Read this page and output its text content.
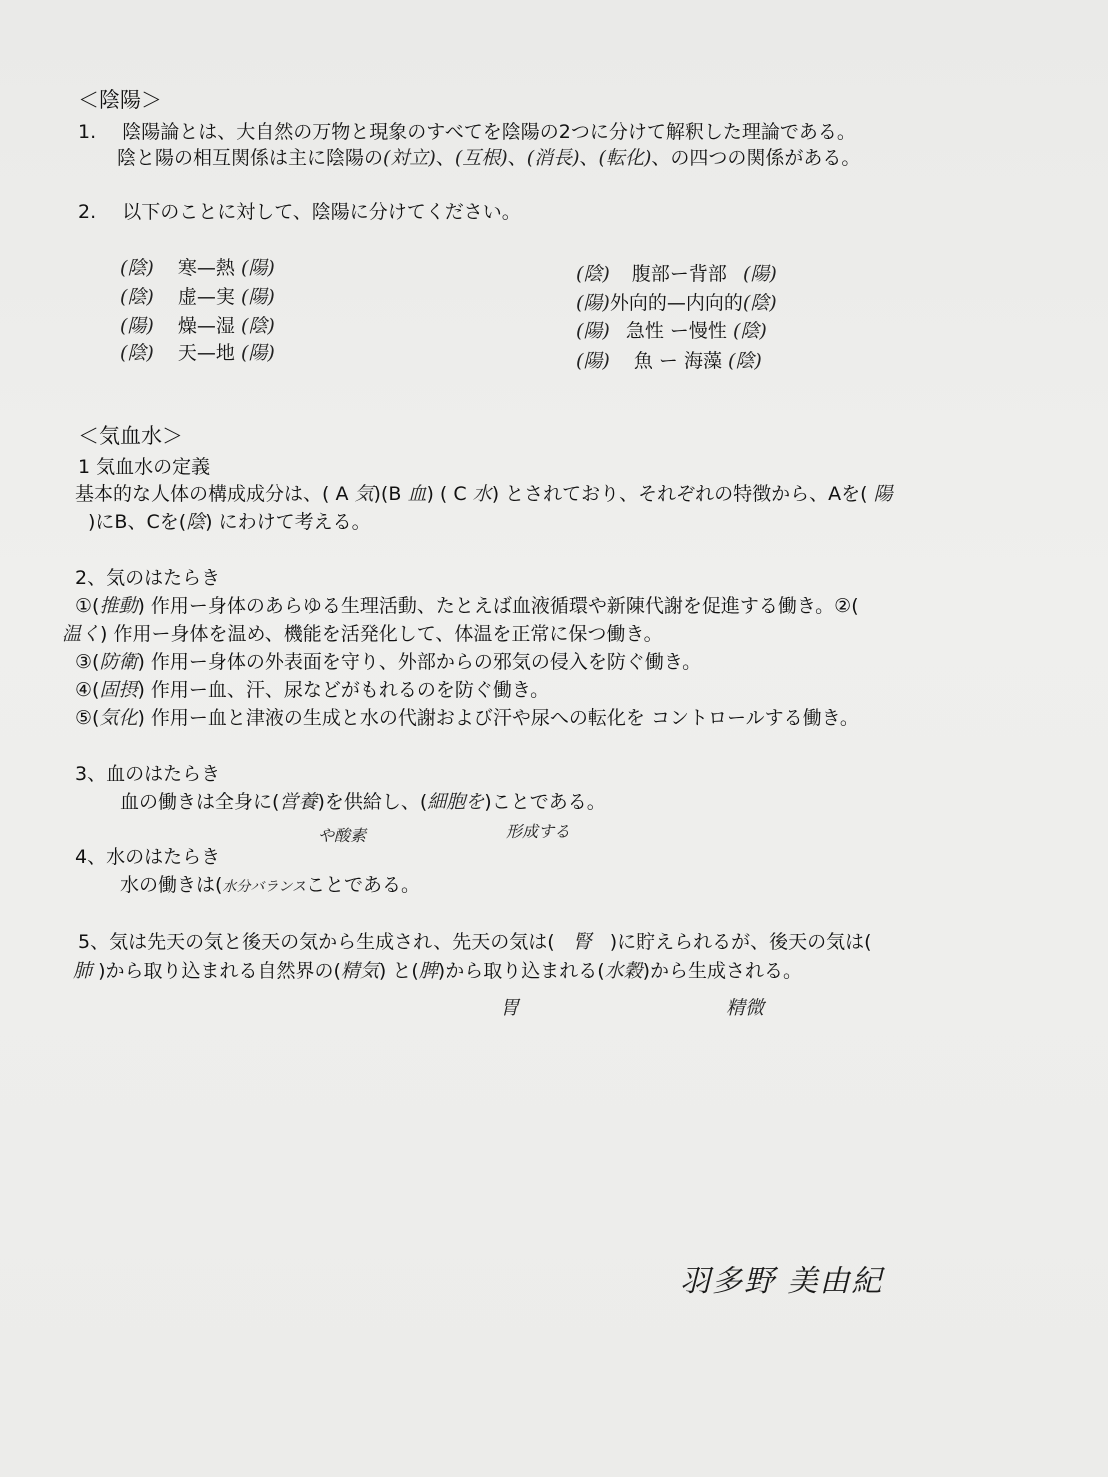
＜陰陽＞
1. 陰陽論とは、大自然の万物と現象のすべてを陰陽の2つに分けて解釈した理論である。
陰と陽の相互関係は主に陰陽の(対立)、(互根)、(消長)、(転化)、の四つの関係がある。
2. 以下のことに対して、陰陽に分けてください。
(陰) 寒—熱 (陽)
(陰) 虚—実 (陽)
(陽) 燥—湿 (陰)
(陰) 天—地 (陽)
(陰) 腹部ー背部 (陽)
(陽)外向的—内向的(陰)
(陽) 急性 ー慢性 (陰)
(陽) 魚 ー 海藻 (陰)
＜気血水＞
1 気血水の定義
基本的な人体の構成成分は、( A 気)(B 血) ( C 水) とされており、それぞれの特徴から、Aを( 陽
)にB、Cを(陰) にわけて考える。
2、気のはたらき
①(推動) 作用ー身体のあらゆる生理活動、たとえば血液循環や新陳代謝を促進する働き。②(
温く) 作用ー身体を温め、機能を活発化して、体温を正常に保つ働き。
③(防衛) 作用ー身体の外表面を守り、外部からの邪気の侵入を防ぐ働き。
④(固摂) 作用ー血、汗、尿などがもれるのを防ぐ働き。
⑤(気化) 作用ー血と津液の生成と水の代謝および汗や尿への転化を コントロールする働き。
3、血のはたらき
血の働きは全身に(営養)を供給し、(細胞を)ことである。
や酸素	形成する
4、水のはたらき
水の働きは(水分バランスことである。
5、気は先天の気と後天の気から生成され、先天の気は( 腎 )に貯えられるが、後天の気は(
肺 )から取り込まれる自然界の(精気) と(脾)から取り込まれる(水穀)から生成される。
胃	精微
羽多野 美由紀
